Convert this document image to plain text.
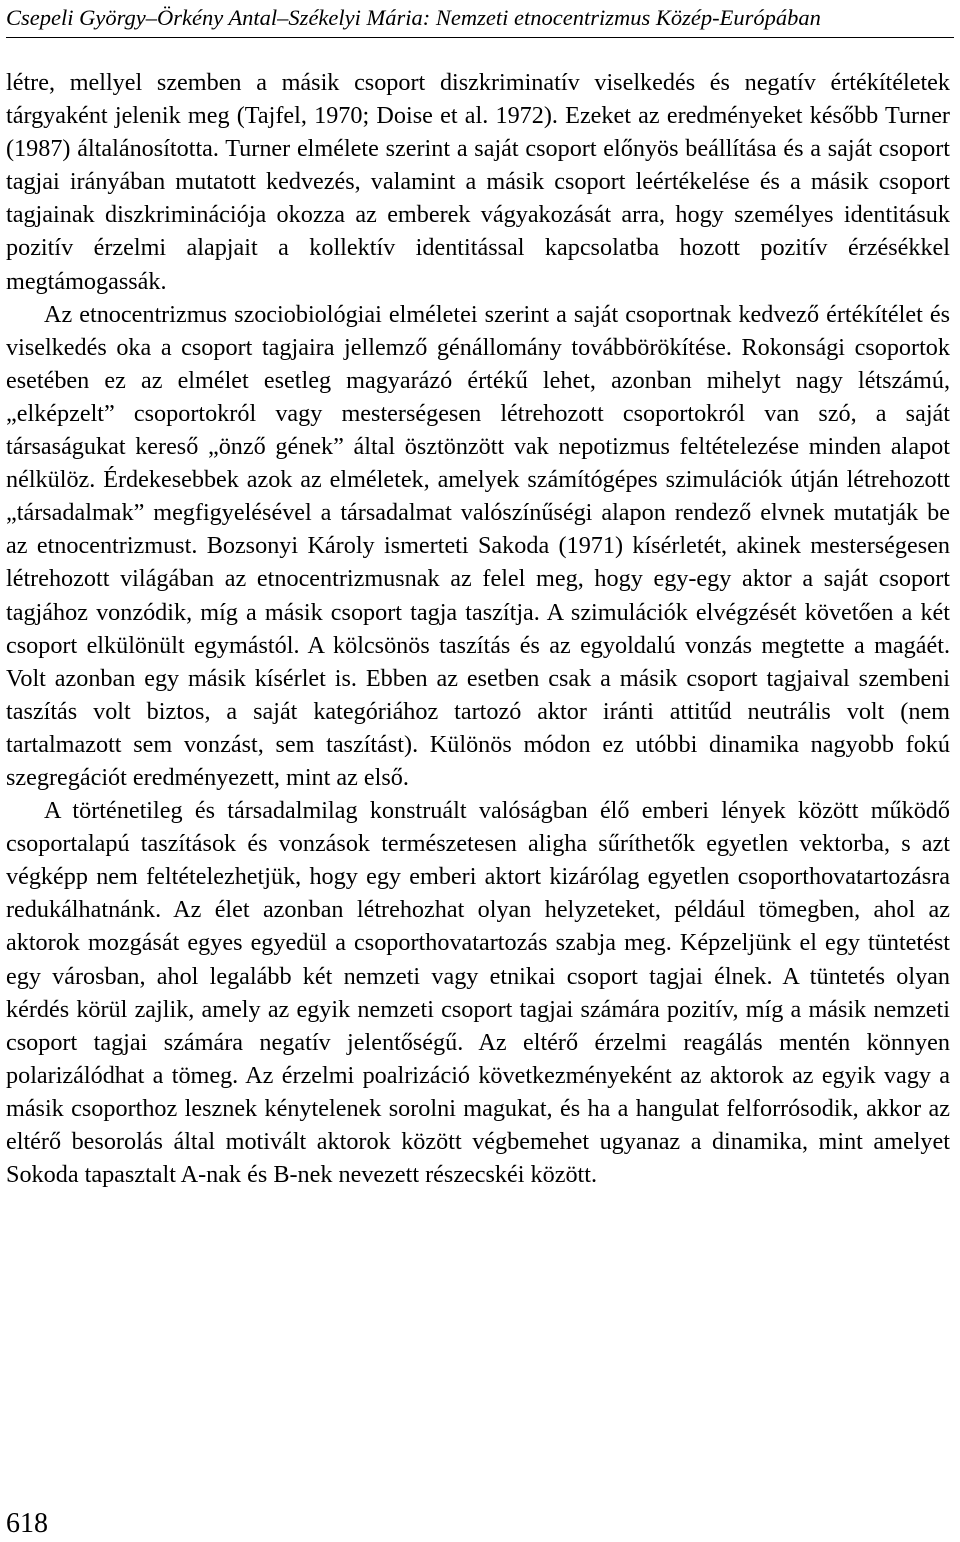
Csepeli György–Örkény Antal–Székelyi Mária: Nemzeti etnocentrizmus Közép-Európában

létre, mellyel szemben a másik csoport diszkriminatív viselkedés és negatív értékítéletek tárgyaként jelenik meg (Tajfel, 1970; Doise et al. 1972). Ezeket az eredményeket később Turner (1987) általánosította. Turner elmélete szerint a saját csoport előnyös beállítása és a saját csoport tagjai irányában mutatott kedvezés, valamint a másik csoport leértékelése és a másik csoport tagjainak diszkriminációja okozza az emberek vágyakozását arra, hogy személyes identitásuk pozitív érzelmi alapjait a kollektív identitással kapcsolatba hozott pozitív érzésékkel megtámogassák.

Az etnocentrizmus szociobiológiai elméletei szerint a saját csoportnak kedvező értékítélet és viselkedés oka a csoport tagjaira jellemző génállomány továbbörökítése. Rokonsági csoportok esetében ez az elmélet esetleg magyarázó értékű lehet, azonban mihelyt nagy létszámú, „elképzelt” csoportokról vagy mesterségesen létrehozott csoportokról van szó, a saját társaságukat kereső „önző gének” által ösztönzött vak nepotizmus feltételezése minden alapot nélkülöz. Érdekesebbek azok az elméletek, amelyek számítógépes szimulációk útján létrehozott „társadalmak” megfigyelésével a társadalmat valószínűségi alapon rendező elvnek mutatják be az etnocentrizmust. Bozsonyi Károly ismerteti Sakoda (1971) kísérletét, akinek mesterségesen létrehozott világában az etnocentrizmusnak az felel meg, hogy egy-egy aktor a saját csoport tagjához vonzódik, míg a másik csoport tagja taszítja. A szimulációk elvégzését követően a két csoport elkülönült egymástól. A kölcsönös taszítás és az egyoldalú vonzás megtette a magáét. Volt azonban egy másik kísérlet is. Ebben az esetben csak a másik csoport tagjaival szembeni taszítás volt biztos, a saját kategóriához tartozó aktor iránti attitűd neutrális volt (nem tartalmazott sem vonzást, sem taszítást). Különös módon ez utóbbi dinamika nagyobb fokú szegregációt eredményezett, mint az első.

A történetileg és társadalmilag konstruált valóságban élő emberi lények között működő csoportalapú taszítások és vonzások természetesen aligha sűríthetők egyetlen vektorba, s azt végképp nem feltételezhetjük, hogy egy emberi aktort kizárólag egyetlen csoporthovatartozásra redukálhatnánk. Az élet azonban létrehozhat olyan helyzeteket, például tömegben, ahol az aktorok mozgását egyes egyedül a csoporthovatartozás szabja meg. Képzeljünk el egy tüntetést egy városban, ahol legalább két nemzeti vagy etnikai csoport tagjai élnek. A tüntetés olyan kérdés körül zajlik, amely az egyik nemzeti csoport tagjai számára pozitív, míg a másik nemzeti csoport tagjai számára negatív jelentőségű. Az eltérő érzelmi reagálás mentén könnyen polarizálódhat a tömeg. Az érzelmi poalrizáció következményeként az aktorok az egyik vagy a másik csoporthoz lesznek kénytelenek sorolni magukat, és ha a hangulat felforrósodik, akkor az eltérő besorolás által motivált aktorok között végbemehet ugyanaz a dinamika, mint amelyet Sokoda tapasztalt A-nak és B-nek nevezett részecskéi között.

618
